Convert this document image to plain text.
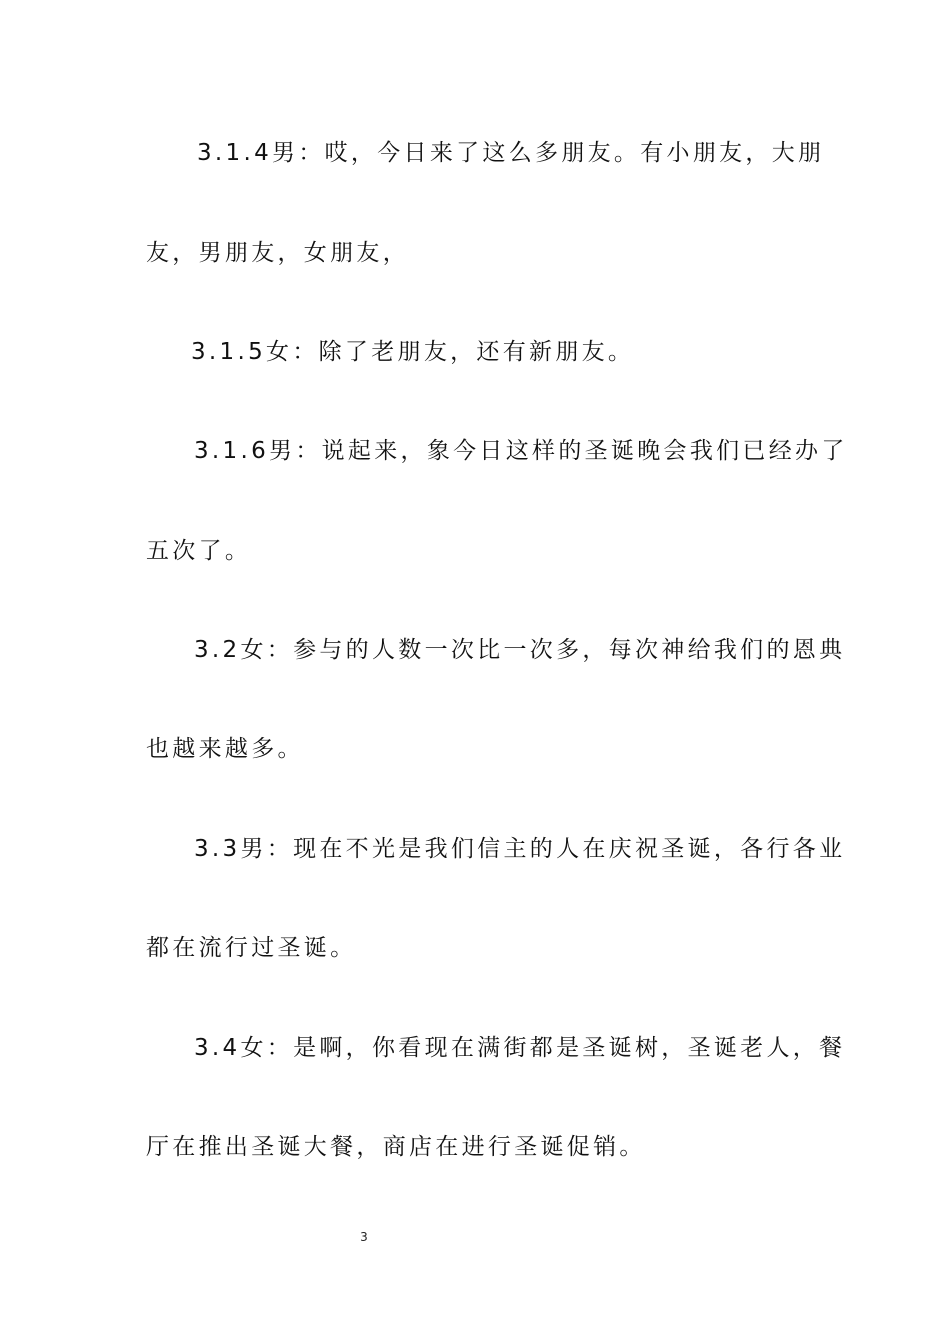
3.1.4男：哎，今日来了这么多朋友。有小朋友，大朋
友，男朋友，女朋友，
3.1.5女：除了老朋友，还有新朋友。
3.1.6男：说起来，象今日这样的圣诞晚会我们已经办了
五次了。
3.2女：参与的人数一次比一次多，每次神给我们的恩典
也越来越多。
3.3男：现在不光是我们信主的人在庆祝圣诞，各行各业
都在流行过圣诞。
3.4女：是啊，你看现在满街都是圣诞树，圣诞老人，餐
厅在推出圣诞大餐，商店在进行圣诞促销。
3
